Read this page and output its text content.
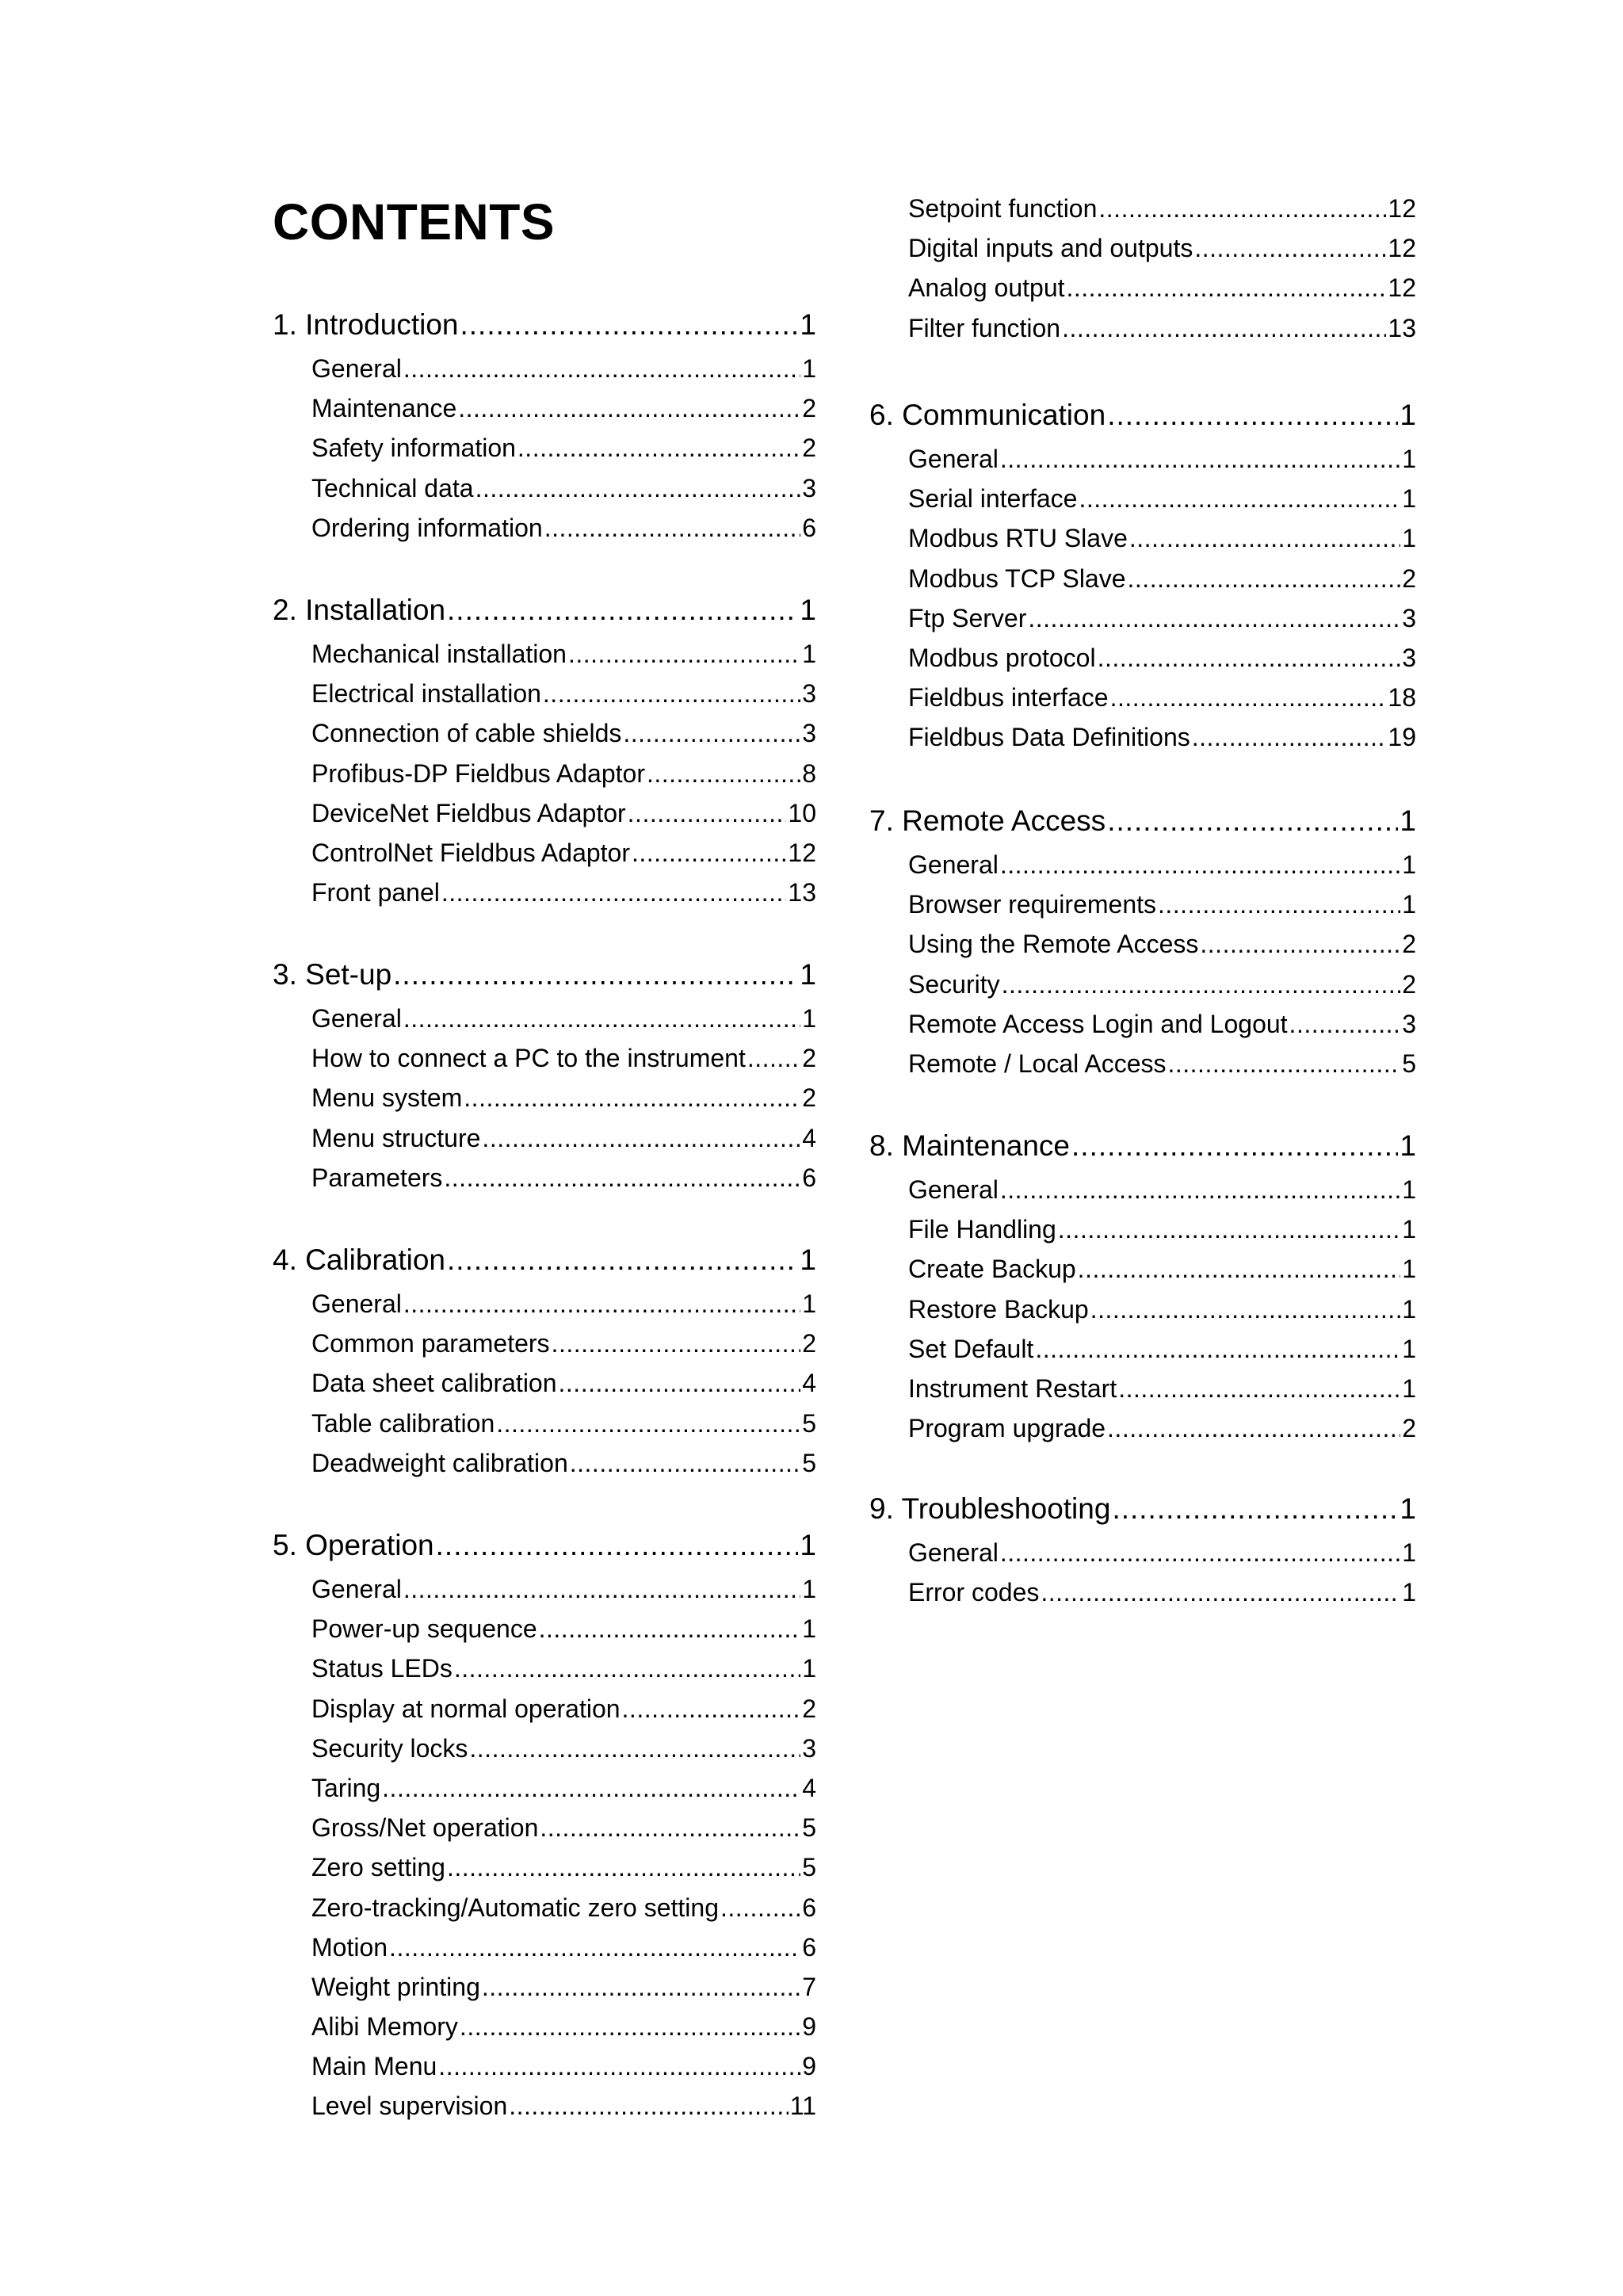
CONTENTS
1. Introduction .....	1
General .....	1
Maintenance .....	2
Safety information .....	2
Technical data .....	3
Ordering information .....	6
2. Installation .....	1
Mechanical installation .....	1
Electrical installation .....	3
Connection of cable shields .....	3
Profibus-DP Fieldbus Adaptor .....	8
DeviceNet Fieldbus Adaptor .....	10
ControlNet Fieldbus Adaptor .....	12
Front panel .....	13
3. Set-up .....	1
General .....	1
How to connect a PC to the instrument ..... 2
Menu system .....	2
Menu structure .....	4
Parameters .....	6
4. Calibration .....	1
General .....	1
Common parameters .....	2
Data sheet calibration .....	4
Table calibration .....	5
Deadweight calibration .....	5
5. Operation .....	1
General .....	1
Power-up sequence .....	1
Status LEDs .....	1
Display at normal operation .....	2
Security locks .....	3
Taring .....	4
Gross/Net operation .....	5
Zero setting .....	5
Zero-tracking/Automatic zero setting .....	6
Motion .....	6
Weight printing .....	7
Alibi Memory .....	9
Main Menu .....	9
Level supervision .....	11
Setpoint function .....	12
Digital inputs and outputs .....	12
Analog output .....	12
Filter function .....	13
6. Communication .....	1
General .....	1
Serial interface .....	1
Modbus RTU Slave .....	1
Modbus TCP Slave .....	2
Ftp Server .....	3
Modbus protocol .....	3
Fieldbus interface .....	18
Fieldbus Data Definitions .....	19
7. Remote Access .....	1
General .....	1
Browser requirements .....	1
Using the Remote Access .....	2
Security .....	2
Remote Access Login and Logout .....	3
Remote / Local Access .....	5
8. Maintenance .....	1
General .....	1
File Handling .....	1
Create Backup .....	1
Restore Backup .....	1
Set Default .....	1
Instrument Restart .....	1
Program upgrade .....	2
9. Troubleshooting .....	1
General .....	1
Error codes .....	1
